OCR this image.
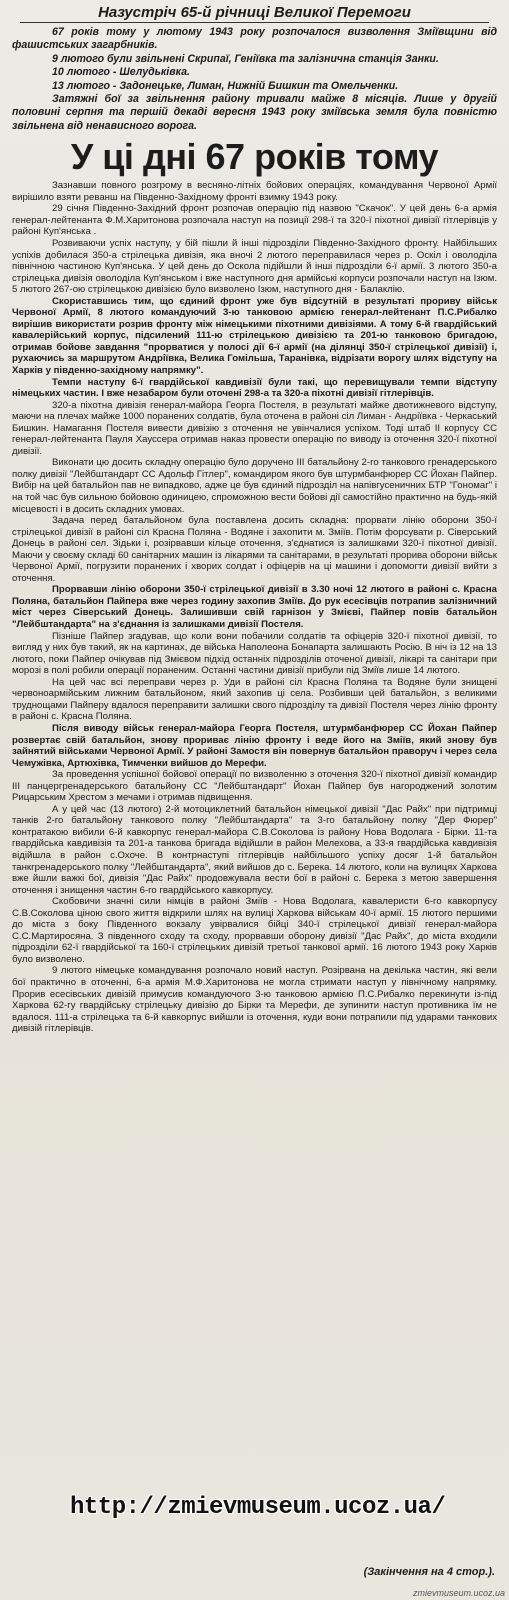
Назустріч 65-й річниці Великої Перемоги

67 років тому у лютому 1943 року розпочалося визволення Зміївщини від фашистських загарбників.

9 лютого були звільнені Скрипаї, Геніївка та залізнична станція Занки.

10 лютого - Шелудьківка.

13 лютого - Задонецьке, Лиман, Нижній Бишкин та Омельченки.

Затяжні бої за звільнення району тривали майже 8 місяців. Лише у другій половині серпня та першій декаді вересня 1943 року зміївська земля була повністю звільнена від ненависного ворога.

У ці дні 67 років тому

Зазнавши повного розгрому в весняно-літніх бойових операціях, командування Червоної Армії вирішило взяти реванш на Південно-Західному фронті взимку 1943 року.

29 січня Південно-Західний фронт розпочав операцію під назвою "Скачок". У цей день 6-а армія генерал-лейтенанта Ф.М.Харитонова розпочала наступ на позиції 298-ї та 320-ї піхотної дивізії гітлерівців у районі Куп'янська .

Розвиваючи успіх наступу, у бій пішли й інші підрозділи Південно-Західного фронту. Найбільших успіхів добилася 350-а стрілецька дивізія, яка вночі 2 лютого переправилася через р. Оскіл і оволоділа північною частиною Куп'янська. У цей день до Оскола підійшли й інші підрозділи 6-ї армії. 3 лютого 350-а стрілецька дивізія оволоділа Куп'янськом і вже наступного дня армійські корпуси розпочали наступ на Ізюм. 5 лютого 267-ою стрілецькою дивізією було визволено Ізюм, наступного дня - Балаклію.

Скориставшись тим, що єдиний фронт уже був відсутній в результаті прориву військ Червоної Армії, 8 лютого командуючий 3-ю танковою армією генерал-лейтенант П.С.Рибалко вирішив використати розрив фронту між німецькими піхотними дивізіями. А тому 6-й гвардійський кавалерійський корпус, підсилений 111-ю стрілецькою дивізією та 201-ю танковою бригадою, отримав бойове завдання "прорватися у полосі дії 6-ї армії (на ділянці 350-ї стрілецької дивізії) і, рухаючись за маршрутом Андріївка, Велика Гомільша, Таранівка, відрізати ворогу шлях відступу на Харків у південно-західному напрямку".

Темпи наступу 6-ї гвардійської кавдивізії були такі, що перевищували темпи відступу німецьких частин. І вже незабаром були оточені 298-а та 320-а піхотні дивізії гітлерівців.

320-а піхотна дивізія генерал-майора Георга Постеля, в результаті майже двотижневого відступу, маючи на плечах майже 1000 поранених солдатів, була оточена в районі сіл Лиман - Андріївка - Черкаський Бишкин. Намагання Постеля вивести дивізію з оточення не увінчалися успіхом. Тоді штаб ІІ корпусу СС генерал-лейтенанта Пауля Хауссера отримав наказ провести операцію по виводу із оточення 320-ї піхотної дивізії.

Виконати цю досить складну операцію було доручено ІІІ батальйону 2-го танкового гренадерського полку дивізії "Лейбштандарт СС Адольф Гітлер", командиром якого був штурмбанфюрер СС Йохан Пайпер. Вибір на цей батальйон пав не випадково, адже це був єдиний підрозділ на напівгусеничних БТР "Гономаг" і на той час був сильною бойовою одиницею, спроможною вести бойові дії самостійно практично на будь-якій місцевості і в досить складних умовах.

Задача перед батальйоном була поставлена досить складна: прорвати лінію оборони 350-ї стрілецької дивізії в районі сіл Красна Поляна - Водяне і захопити м. Зміїв. Потім форсувати р. Сіверський Донець в районі сел. Зідьки і, розірвавши кільце оточення, з'єднатися із залишками 320-ї піхотної дивізії. Маючи у своєму складі 60 санітарних машин із лікарями та санітарами, в результаті прорива оборони військ Червоної Армії, погрузити поранених і хворих солдат і офіцерів на ці машини і допомогти дивізії вийти з оточення.

Прорвавши лінію оборони 350-ї стрілецької дивізії в 3.30 ночі 12 лютого в районі с. Красна Поляна, батальйон Пайпера вже через годину захопив Зміїв. До рук есесівців потрапив залізничний міст через Сіверський Донець. Залишивши свій гарнізон у Змієві, Пайпер повів батальйон "Лейбштандарта" на з'єднання із залишками дивізії Постеля.

Пізніше Пайпер згадував, що коли вони побачили солдатів та офіцерів 320-ї піхотної дивізії, то вигляд у них був такий, як на картинах, де війська Наполеона Бонапарта залишають Росію. В ніч із 12 на 13 лютого, поки Пайпер очікував під Змієвом підхід останніх підрозділів оточеної дивізії, лікарі та санітари при морозі в полі робили операції пораненим. Останні частини дивізії прибули під Зміїв лише 14 лютого.

На цей час всі переправи через р. Уди в районі сіл Красна Поляна та Водяне були знищені червоноармійським лижним батальйоном, який захопив ці села. Розбивши цей батальйон, з великими труднощами Пайперу вдалося переправити залишки свого підрозділу та дивізії Постеля через лінію фронту в районі с. Красна Поляна.

Після виводу військ генерал-майора Георга Постеля, штурмбанфюрер СС Йохан Пайпер розвертає свій батальйон, знову прориває лінію фронту і веде його на Зміїв, який знову був зайнятий військами Червоної Армії. У районі Замостя він повернув батальйон праворуч і через села Чемужівка, Артюхівка, Тимченки вийшов до Мерефи.

За проведення успішної бойової операції по визволенню з оточення 320-ї піхотної дивізії командир ІІІ панцергренадерського батальйону СС "Лейбштандарт" Йохан Пайпер був нагороджений золотим Рицарським Хрестом з мечами і отримав підвищення.

А у цей час (13 лютого) 2-й мотоциклетний батальйон німецької дивізії "Дас Райх" при підтримці танків 2-го батальйону танкового полку "Лейбштандарта" та 3-го батальйону полку "Дер Фюрер" контратакою вибили 6-й кавкорпус генерал-майора С.В.Соколова із району Нова Водолага - Бірки. 11-та гвардійська кавдивізія та 201-а танкова бригада відійшли в район Мелехова, а 33-я гвардійська кавдивізія відійшла в район с.Охоче. В контрнаступі гітлерівців найбільшого успіху досяг 1-й батальйон танкгренадерського полку "Лейбштандарта", який вийшов до с. Берека. 14 лютого, коли на вулицях Харкова вже йшли важкі бої, дивізія "Дас Райх" продовжувала вести бої в районі с. Берека з метою завершення оточення і знищення частин 6-го гвардійського кавкорпусу.

Скобовичи значні сили німців в районі Зміїв - Нова Водолага, кавалеристи 6-го кавкорпусу С.В.Соколова ціною свого життя відкрили шлях на вулиці Харкова військам 40-ї армії. 15 лютого першими до міста з боку Південного вокзалу увірвалися бійці 340-ї стрілецької дивізії генерал-майора С.С.Мартиросяна. З південного сходу та сходу, прорвавши оборону дивізії "Дас Райх", до міста входили підрозділи 62-ї гвардійської та 160-ї стрілецьких дивізій третьої танкової армії. 16 лютого 1943 року Харків було визволено.

9 лютого німецьке командування розпочало новий наступ. Розірвана на декілька частин, які вели бої практично в оточенні, 6-а армія М.Ф.Харитонова не могла стримати наступ у північному напрямку. Прорив есесівських дивізій примусив командуючого 3-ю танковою армією П.С.Рибалко перекинути із-під Харкова 62-гу гвардійську стрілецьку дивізію до Бірки та Мерефи, де зупинити наступ противника їм не вдалося. 111-а стрілецька та 6-й кавкорпус вийшли із оточення, куди вони потрапили під ударами танкових дивізій гітлерівців.

http://zmievmuseum.ucoz.ua/
(Закінчення на 4 стор.).
zmievmuseum.ucoz.ua
